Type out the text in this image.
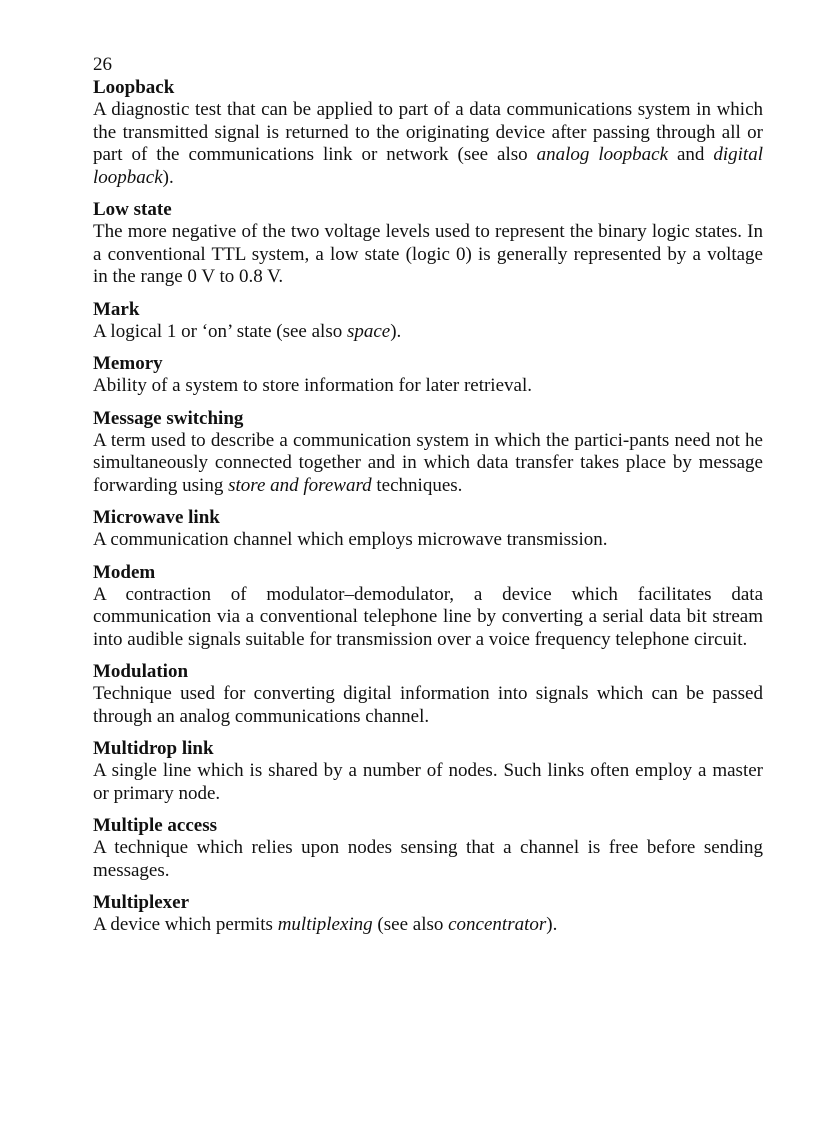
26

Loopback

A diagnostic test that can be applied to part of a data communications system in which the transmitted signal is returned to the originating device after passing through all or part of the communications link or network (see also analog loopback and digital loopback).

Low state

The more negative of the two voltage levels used to represent the binary logic states. In a conventional TTL system, a low state (logic 0) is generally represented by a voltage in the range 0 V to 0.8 V.

Mark

A logical 1 or ‘on’ state (see also space).

Memory

Ability of a system to store information for later retrieval.

Message switching

A term used to describe a communication system in which the partici-pants need not he simultaneously connected together and in which data transfer takes place by message forwarding using store and foreward techniques.

Microwave link

A communication channel which employs microwave transmission.

Modem

A contraction of modulator–demodulator, a device which facilitates data communication via a conventional telephone line by converting a serial data bit stream into audible signals suitable for transmission over a voice frequency telephone circuit.

Modulation

Technique used for converting digital information into signals which can be passed through an analog communications channel.

Multidrop link

A single line which is shared by a number of nodes. Such links often employ a master or primary node.

Multiple access

A technique which relies upon nodes sensing that a channel is free before sending messages.

Multiplexer

A device which permits multiplexing (see also concentrator).
